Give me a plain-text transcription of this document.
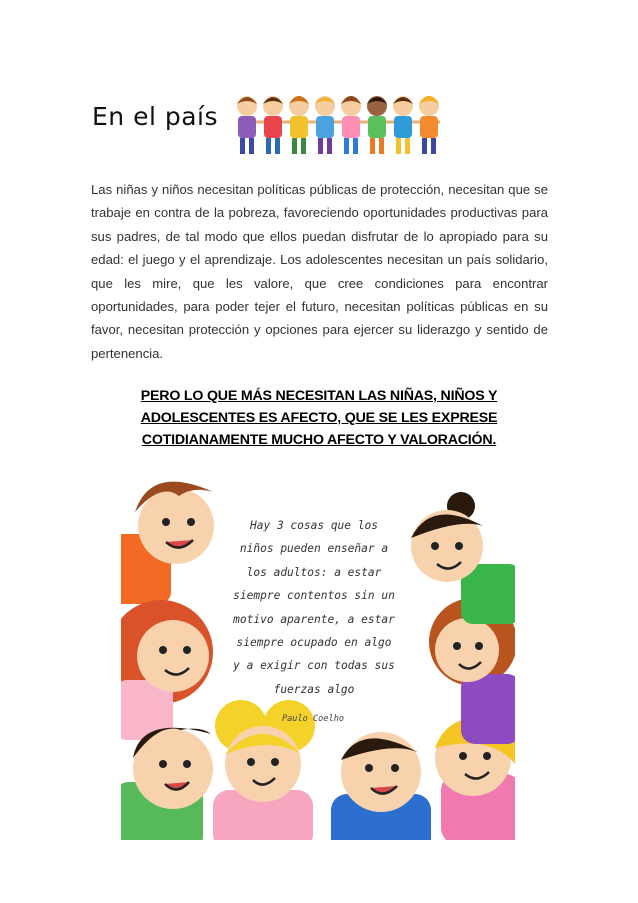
En el país
Las niñas y niños necesitan políticas públicas de protección, necesitan que se trabaje en contra de la pobreza, favoreciendo oportunidades productivas para sus padres, de tal modo que ellos puedan disfrutar de lo apropiado para su edad: el juego y el aprendizaje. Los adolescentes necesitan un país solidario, que les mire, que les valore, que cree condiciones para encontrar oportunidades, para poder tejer el futuro, necesitan políticas públicas en su favor, necesitan protección y opciones para ejercer su liderazgo y sentido de pertenencia.
PERO LO QUE MÁS NECESITAN LAS NIÑAS, NIÑOS Y ADOLESCENTES ES AFECTO, QUE SE LES EXPRESE COTIDIANAMENTE MUCHO AFECTO Y VALORACIÓN.
Hay 3 cosas que los
niños pueden enseñar a
los adultos: a estar
siempre contentos sin un
motivo aparente, a estar
siempre ocupado en algo
y a exigir con todas sus
fuerzas algo
Paulo Coelho
